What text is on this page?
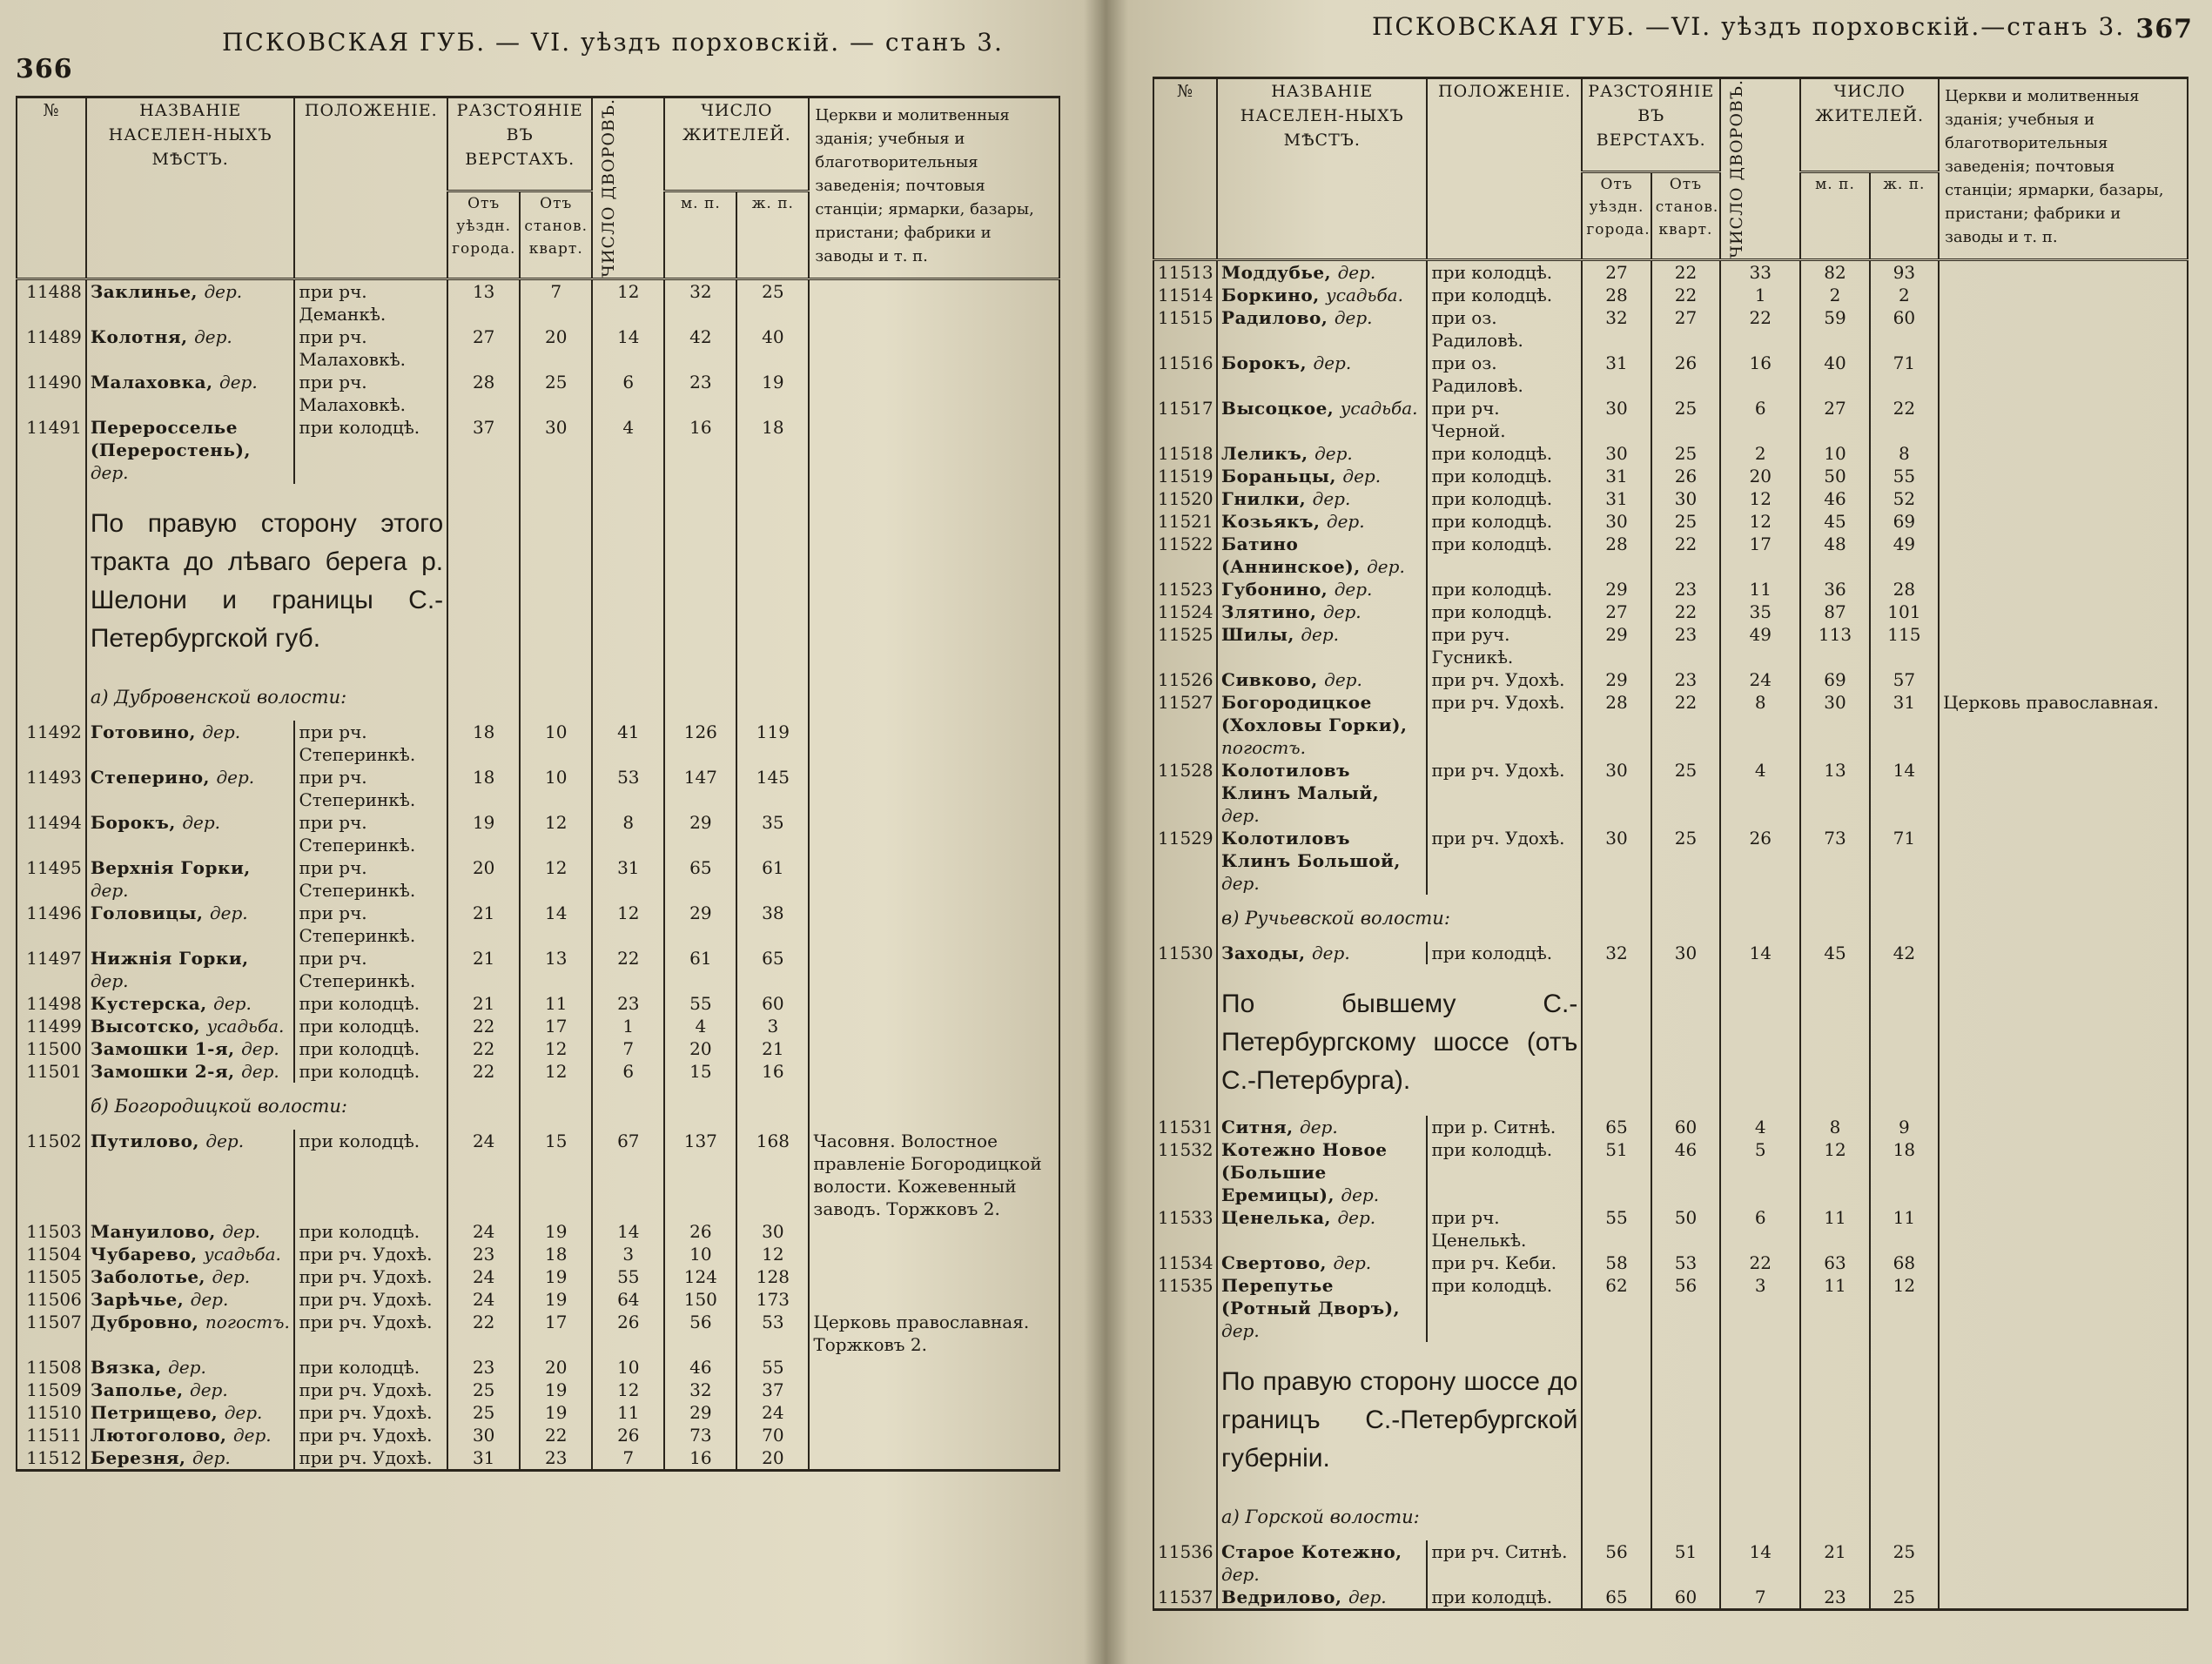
366
ПСКОВСКАЯ ГУБ. — VI. уѣздъ порховскій. — станъ 3.
№	НАЗВАНІЕ НАСЕЛЕН-НЫХЪ МѢСТЪ.	ПОЛОЖЕНІЕ.	РАЗСТОЯНІЕ ВЪ ВЕРСТАХЪ.		ЧИСЛО ДВОРОВЪ.	ЧИСЛО ЖИТЕЛЕЙ.		Церкви и молитвенныя зданія; учебныя и благотворительныя заведенія; почтовыя станціи; ярмарки, базары, пристани; фабрики и заводы и т. п.
			Отъ уѣздн. города.	Отъ станов. кварт.		м. п.	ж. п.	
11488	Заклинье, дер.	при рч. Деманкѣ.	13	7	12	32	25	
11489	Колотня, дер.	при рч. Малаховкѣ.	27	20	14	42	40	
11490	Малаховка, дер.	при рч. Малаховкѣ.	28	25	6	23	19	
11491	Перeросселье (Переростень), дер.	при колодцѣ.	37	30	4	16	18	
	По правую сторону этого тракта до лѣваго берега р. Шелони и границы С.-Петербургской губ.							
	а) Дубровенской волости:							
11492	Готовино, дер.	при рч. Степеринкѣ.	18	10	41	126	119	
11493	Степерино, дер.	при рч. Степеринкѣ.	18	10	53	147	145	
11494	Борокъ, дер.	при рч. Степеринкѣ.	19	12	8	29	35	
11495	Верхнія Горки, дер.	при рч. Степеринкѣ.	20	12	31	65	61	
11496	Головицы, дер.	при рч. Степеринкѣ.	21	14	12	29	38	
11497	Нижнія Горки, дер.	при рч. Степеринкѣ.	21	13	22	61	65	
11498	Кустерска, дер.	при колодцѣ.	21	11	23	55	60	
11499	Высотско, усадьба.	при колодцѣ.	22	17	1	4	3	
11500	Замошки 1-я, дер.	при колодцѣ.	22	12	7	20	21	
11501	Замошки 2-я, дер.	при колодцѣ.	22	12	6	15	16	
	б) Богородицкой волости:							
11502	Путилово, дер.	при колодцѣ.	24	15	67	137	168	Часовня. Волостное правленіе Богородицкой волости. Кожевенный заводъ. Торжковъ 2.
11503	Мануилово, дер.	при колодцѣ.	24	19	14	26	30	
11504	Чубарево, усадьба.	при рч. Удохѣ.	23	18	3	10	12	
11505	Заболотье, дер.	при рч. Удохѣ.	24	19	55	124	128	
11506	Зарѣчье, дер.	при рч. Удохѣ.	24	19	64	150	173	
11507	Дубровно, погостъ.	при рч. Удохѣ.	22	17	26	56	53	Церковь православная. Торжковъ 2.
11508	Вязка, дер.	при колодцѣ.	23	20	10	46	55	
11509	Заполье, дер.	при рч. Удохѣ.	25	19	12	32	37	
11510	Петрищево, дер.	при рч. Удохѣ.	25	19	11	29	24	
11511	Лютоголово, дер.	при рч. Удохѣ.	30	22	26	73	70	
11512	Березня, дер.	при рч. Удохѣ.	31	23	7	16	20	
367
ПСКОВСКАЯ ГУБ. —VI. уѣздъ порховскій.—станъ 3.
№	НАЗВАНІЕ НАСЕЛЕН-НЫХЪ МѢСТЪ.	ПОЛОЖЕНІЕ.	РАЗСТОЯНІЕ ВЪ ВЕРСТАХЪ.		ЧИСЛО ДВОРОВЪ.	ЧИСЛО ЖИТЕЛЕЙ.		Церкви и молитвенныя зданія; учебныя и благотворительныя заведенія; почтовыя станціи; ярмарки, базары, пристани; фабрики и заводы и т. п.
			Отъ уѣздн. города.	Отъ станов. кварт.		м. п.	ж. п.	
11513	Моддубье, дер.	при колодцѣ.	27	22	33	82	93	
11514	Боркино, усадьба.	при колодцѣ.	28	22	1	2	2	
11515	Радилово, дер.	при оз. Радиловѣ.	32	27	22	59	60	
11516	Борокъ, дер.	при оз. Радиловѣ.	31	26	16	40	71	
11517	Высоцкое, усадьба.	при рч. Черной.	30	25	6	27	22	
11518	Леликъ, дер.	при колодцѣ.	30	25	2	10	8	
11519	Бораньцы, дер.	при колодцѣ.	31	26	20	50	55	
11520	Гнилки, дер.	при колодцѣ.	31	30	12	46	52	
11521	Козьякъ, дер.	при колодцѣ.	30	25	12	45	69	
11522	Батино (Аннинское), дер.	при колодцѣ.	28	22	17	48	49	
11523	Губонино, дер.	при колодцѣ.	29	23	11	36	28	
11524	Злятино, дер.	при колодцѣ.	27	22	35	87	101	
11525	Шилы, дер.	при руч. Гусникѣ.	29	23	49	113	115	
11526	Сивково, дер.	при рч. Удохѣ.	29	23	24	69	57	
11527	Богородицкое (Хохловы Горки), погостъ.	при рч. Удохѣ.	28	22	8	30	31	Церковь православная.
11528	Колотиловъ Клинъ Малый, дер.	при рч. Удохѣ.	30	25	4	13	14	
11529	Колотиловъ Клинъ Большой, дер.	при рч. Удохѣ.	30	25	26	73	71	
	в) Ручьевской волости:							
11530	Заходы, дер.	при колодцѣ.	32	30	14	45	42	
	По бывшему С.-Петербургскому шоссе (отъ С.-Петербурга).							
11531	Ситня, дер.	при р. Ситнѣ.	65	60	4	8	9	
11532	Котежно Новое (Большие Еремицы), дер.	при колодцѣ.	51	46	5	12	18	
11533	Ценелька, дер.	при рч. Ценелькѣ.	55	50	6	11	11	
11534	Свертово, дер.	при рч. Кеби.	58	53	22	63	68	
11535	Перепутье (Ротный Дворъ), дер.	при колодцѣ.	62	56	3	11	12	
	По правую сторону шоссе до границъ С.-Петербургской губерніи.							
	а) Горской волости:							
11536	Старое Котежно, дер.	при рч. Ситнѣ.	56	51	14	21	25	
11537	Ведрилово, дер.	при колодцѣ.	65	60	7	23	25	
